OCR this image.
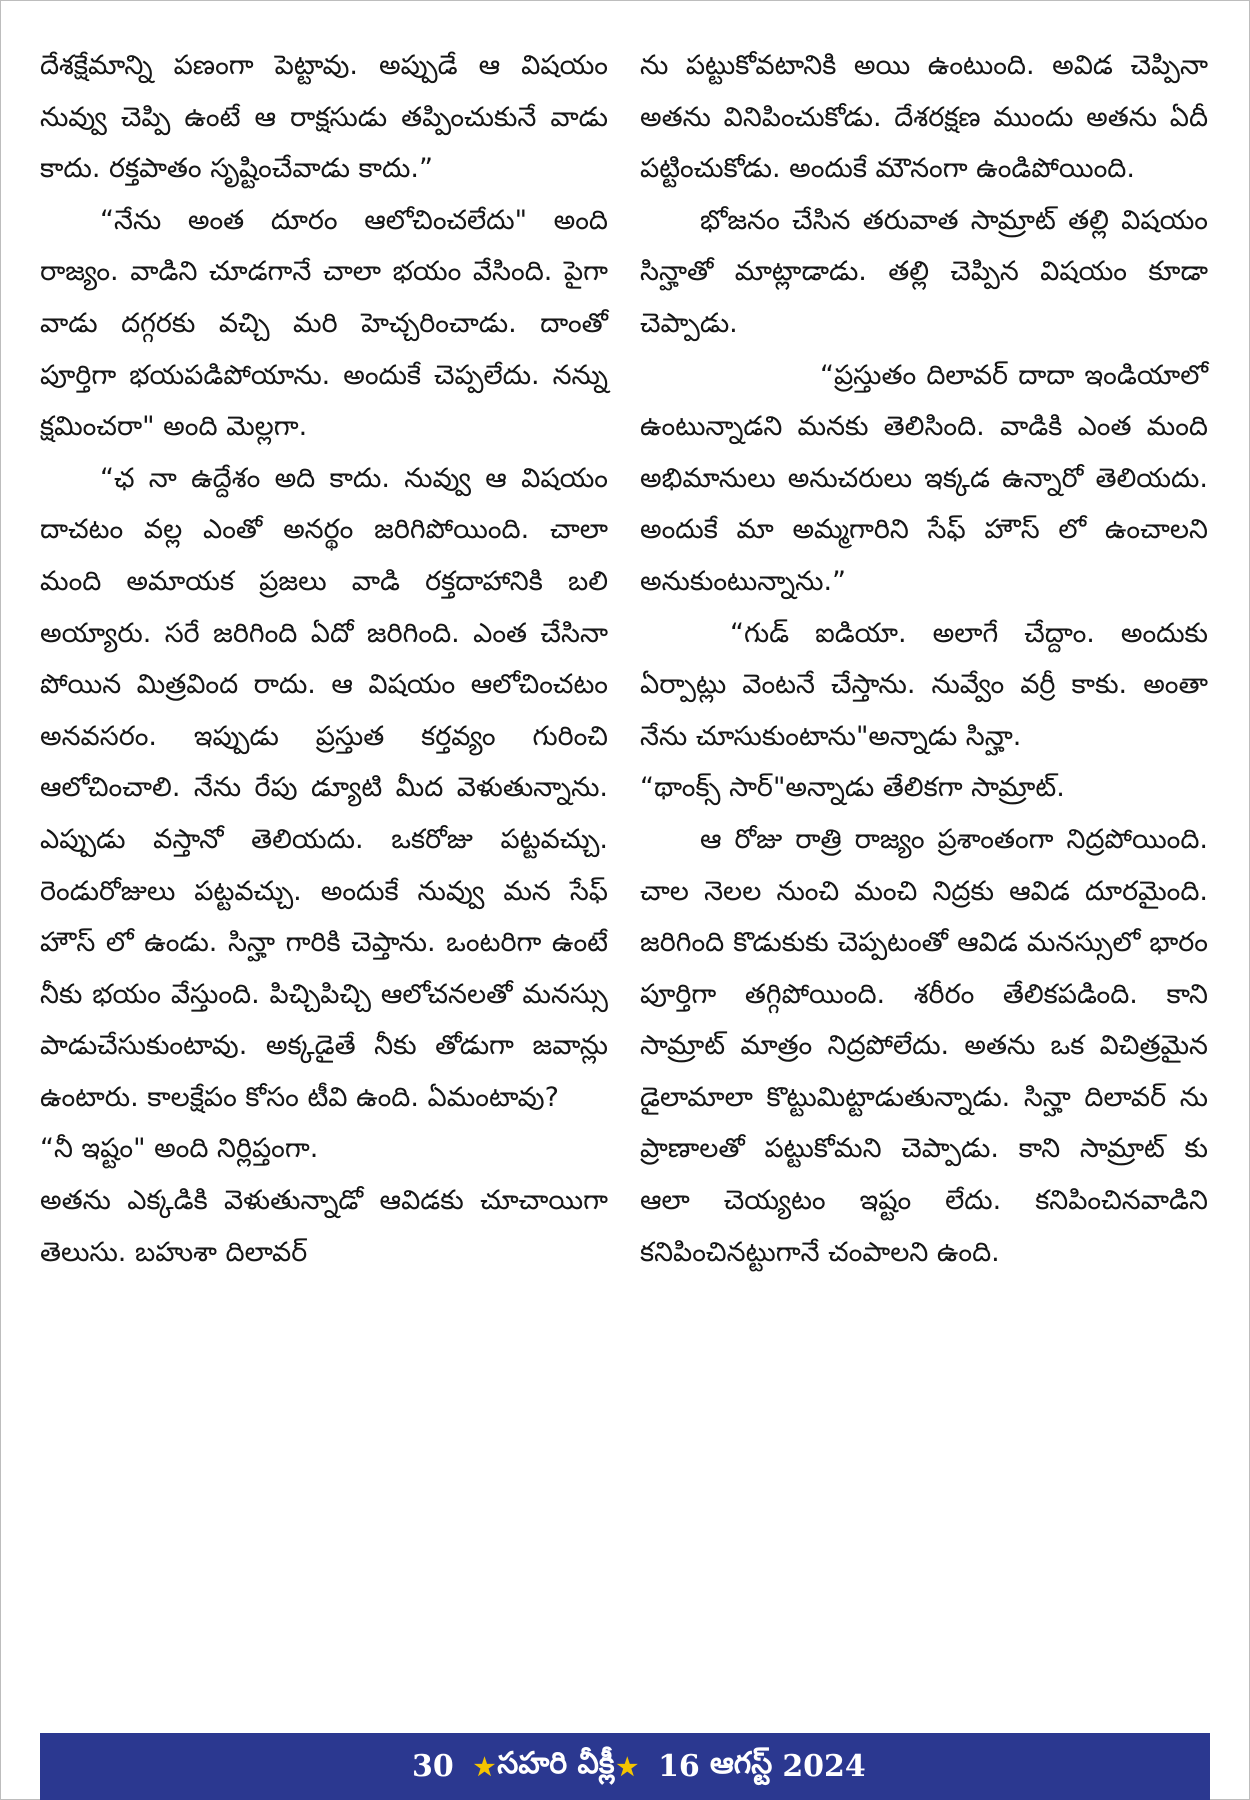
దేశక్షేమాన్ని పణంగా పెట్టావు. అప్పుడే ఆ విషయం నువ్వు చెప్పి ఉంటే ఆ రాక్షసుడు తప్పించుకునే వాడు కాదు. రక్తపాతం సృష్టించేవాడు కాదు.”

“నేను అంత దూరం ఆలోచించలేదు" అంది రాజ్యం. వాడిని చూడగానే చాలా భయం వేసింది. పైగా వాడు దగ్గరకు వచ్చి మరి హెచ్చరించాడు. దాంతో పూర్తిగా భయపడిపోయాను. అందుకే చెప్పలేదు. నన్ను క్షమించరా" అంది మెల్లగా.

“ఛ నా ఉద్దేశం అది కాదు. నువ్వు ఆ విషయం దాచటం వల్ల ఎంతో అనర్థం జరిగిపోయింది. చాలా మంది అమాయక ప్రజలు వాడి రక్తదాహానికి బలి అయ్యారు. సరే జరిగింది ఏదో జరిగింది. ఎంత చేసినా పోయిన మిత్రవింద రాదు. ఆ విషయం ఆలోచించటం అనవసరం. ఇప్పుడు ప్రస్తుత కర్తవ్యం గురించి ఆలోచించాలి. నేను రేపు డ్యూటి మీద వెళుతున్నాను. ఎప్పుడు వస్తానో తెలియదు. ఒకరోజు పట్టవచ్చు. రెండురోజులు పట్టవచ్చు. అందుకే నువ్వు మన సేఫ్ హౌస్ లో ఉండు. సిన్హా గారికి చెప్తాను. ఒంటరిగా ఉంటే నీకు భయం వేస్తుంది. పిచ్చిపిచ్చి ఆలోచనలతో మనస్సు పాడుచేసుకుంటావు. అక్కడైతే నీకు తోడుగా జవాన్లు ఉంటారు. కాలక్షేపం కోసం టీవి ఉంది. ఏమంటావు?

“నీ ఇష్టం" అంది నిర్లిప్తంగా.

అతను ఎక్కడికి వెళుతున్నాడో ఆవిడకు చూచాయిగా తెలుసు. బహుశా దిలావర్

ను పట్టుకోవటానికి అయి ఉంటుంది. అవిడ చెప్పినా అతను వినిపించుకోడు. దేశరక్షణ ముందు అతను ఏదీ పట్టించుకోడు. అందుకే మౌనంగా ఉండిపోయింది.

భోజనం చేసిన తరువాత సామ్రాట్ తల్లి విషయం సిన్హాతో మాట్లాడాడు. తల్లి చెప్పిన విషయం కూడా చెప్పాడు.

“ప్రస్తుతం దిలావర్ దాదా ఇండియాలో ఉంటున్నాడని మనకు తెలిసింది. వాడికి ఎంత మంది అభిమానులు అనుచరులు ఇక్కడ ఉన్నారో తెలియదు. అందుకే మా అమ్మగారిని సేఫ్ హౌస్ లో ఉంచాలని అనుకుంటున్నాను.”

“గుడ్ ఐడియా. అలాగే చేద్దాం. అందుకు ఏర్పాట్లు వెంటనే చేస్తాను. నువ్వేం వర్రీ కాకు. అంతా నేను చూసుకుంటాను"అన్నాడు సిన్హా.

“థాంక్స్ సార్"అన్నాడు తేలికగా సామ్రాట్.

ఆ రోజు రాత్రి రాజ్యం ప్రశాంతంగా నిద్రపోయింది. చాల నెలల నుంచి మంచి నిద్రకు ఆవిడ దూరమైంది. జరిగింది కొడుకుకు చెప్పటంతో ఆవిడ మనస్సులో భారం పూర్తిగా తగ్గిపోయింది. శరీరం తేలికపడింది. కాని సామ్రాట్ మాత్రం నిద్రపోలేదు. అతను ఒక విచిత్రమైన డైలామాలా కొట్టుమిట్టాడుతున్నాడు. సిన్హా దిలావర్ ను ప్రాణాలతో పట్టుకోమని చెప్పాడు. కాని సామ్రాట్ కు ఆలా చెయ్యటం ఇష్టం లేదు. కనిపించినవాడిని కనిపించినట్టుగానే చంపాలని ఉంది.

30 ★ సహరి వీక్లీ ★ 16 ఆగస్ట్ 2024
